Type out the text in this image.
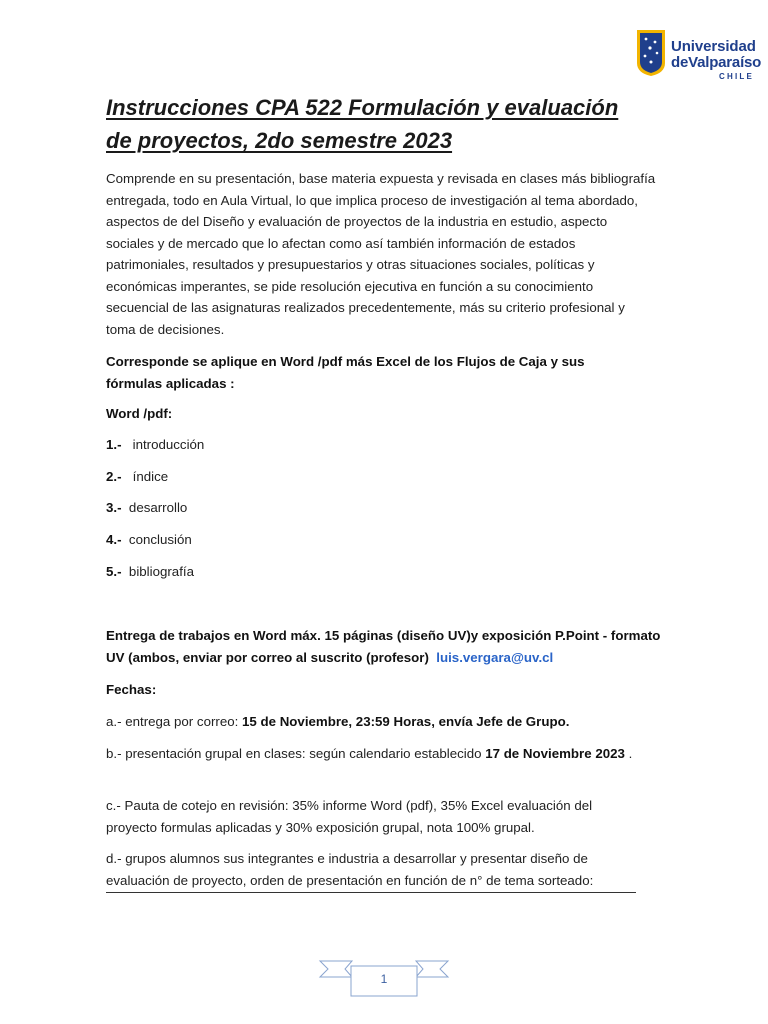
Universidad
deValparaíso
CHILE
Instrucciones CPA 522 Formulación y evaluación
de proyectos, 2do semestre 2023
Comprende en su presentación, base materia expuesta y revisada en clases más bibliografía entregada, todo en Aula Virtual, lo que implica proceso de investigación al tema abordado, aspectos de del Diseño y evaluación de proyectos de la industria en estudio, aspecto sociales y de mercado que lo afectan como así también información de estados patrimoniales, resultados y presupuestarios y otras situaciones sociales, políticas y económicas imperantes, se pide resolución ejecutiva en función a su conocimiento secuencial de las asignaturas realizados precedentemente, más su criterio profesional y toma de decisiones.
Corresponde se aplique en Word /pdf más Excel de los Flujos de Caja y sus fórmulas aplicadas :
Word /pdf:
1.- introducción
2.- índice
3.- desarrollo
4.- conclusión
5.- bibliografía
Entrega de trabajos en Word máx. 15 páginas (diseño UV)y exposición P.Point - formato UV (ambos, enviar por correo al suscrito (profesor) luis.vergara@uv.cl
Fechas:
a.- entrega por correo: 15 de Noviembre, 23:59 Horas, envía Jefe de Grupo.
b.- presentación grupal en clases: según calendario establecido 17 de Noviembre 2023 .
c.- Pauta de cotejo en revisión: 35% informe Word (pdf), 35% Excel evaluación del proyecto formulas aplicadas y 30% exposición grupal, nota 100% grupal.
d.- grupos alumnos sus integrantes e industria a desarrollar y presentar diseño de evaluación de proyecto, orden de presentación en función de n° de tema sorteado:
1
